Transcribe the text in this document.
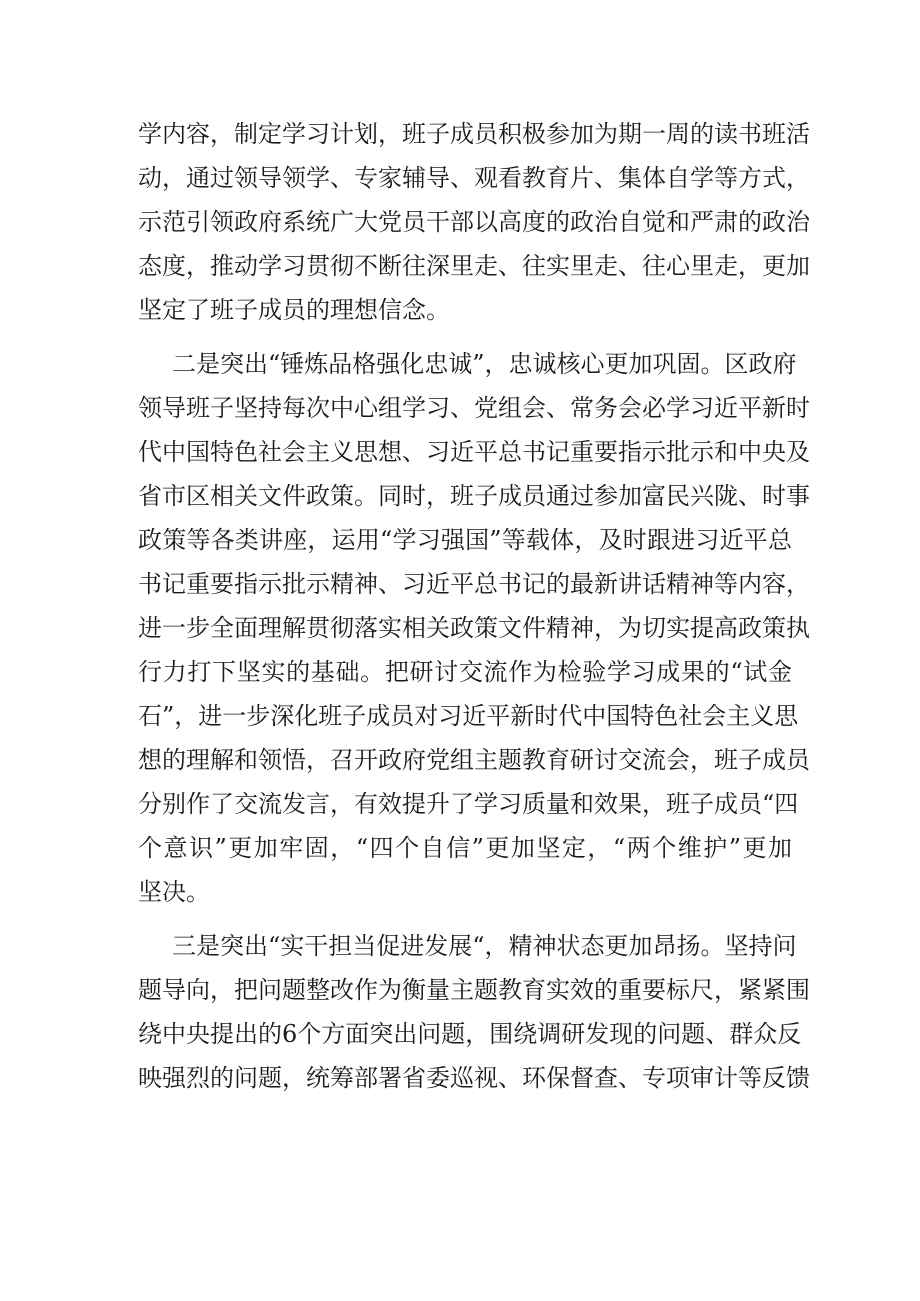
学内容，制定学习计划，班子成员积极参加为期一周的读书班活
动，通过领导领学、专家辅导、观看教育片、集体自学等方式，
示范引领政府系统广大党员干部以高度的政治自觉和严肃的政治
态度，推动学习贯彻不断往深里走、往实里走、往心里走，更加
坚定了班子成员的理想信念。
二是突出“锤炼品格强化忠诚”，忠诚核心更加巩固。区政府
领导班子坚持每次中心组学习、党组会、常务会必学习近平新时
代中国特色社会主义思想、习近平总书记重要指示批示和中央及
省市区相关文件政策。同时，班子成员通过参加富民兴陇、时事
政策等各类讲座，运用“学习强国”等载体，及时跟进习近平总
书记重要指示批示精神、习近平总书记的最新讲话精神等内容，
进一步全面理解贯彻落实相关政策文件精神，为切实提高政策执
行力打下坚实的基础。把研讨交流作为检验学习成果的“试金
石”，进一步深化班子成员对习近平新时代中国特色社会主义思
想的理解和领悟，召开政府党组主题教育研讨交流会，班子成员
分别作了交流发言，有效提升了学习质量和效果，班子成员“四
个意识”更加牢固，“四个自信”更加坚定，“两个维护”更加
坚决。
三是突出“实干担当促进发展“，精神状态更加昂扬。坚持问
题导向，把问题整改作为衡量主题教育实效的重要标尺，紧紧围
绕中央提出的6个方面突出问题，围绕调研发现的问题、群众反
映强烈的问题，统筹部署省委巡视、环保督查、专项审计等反馈
